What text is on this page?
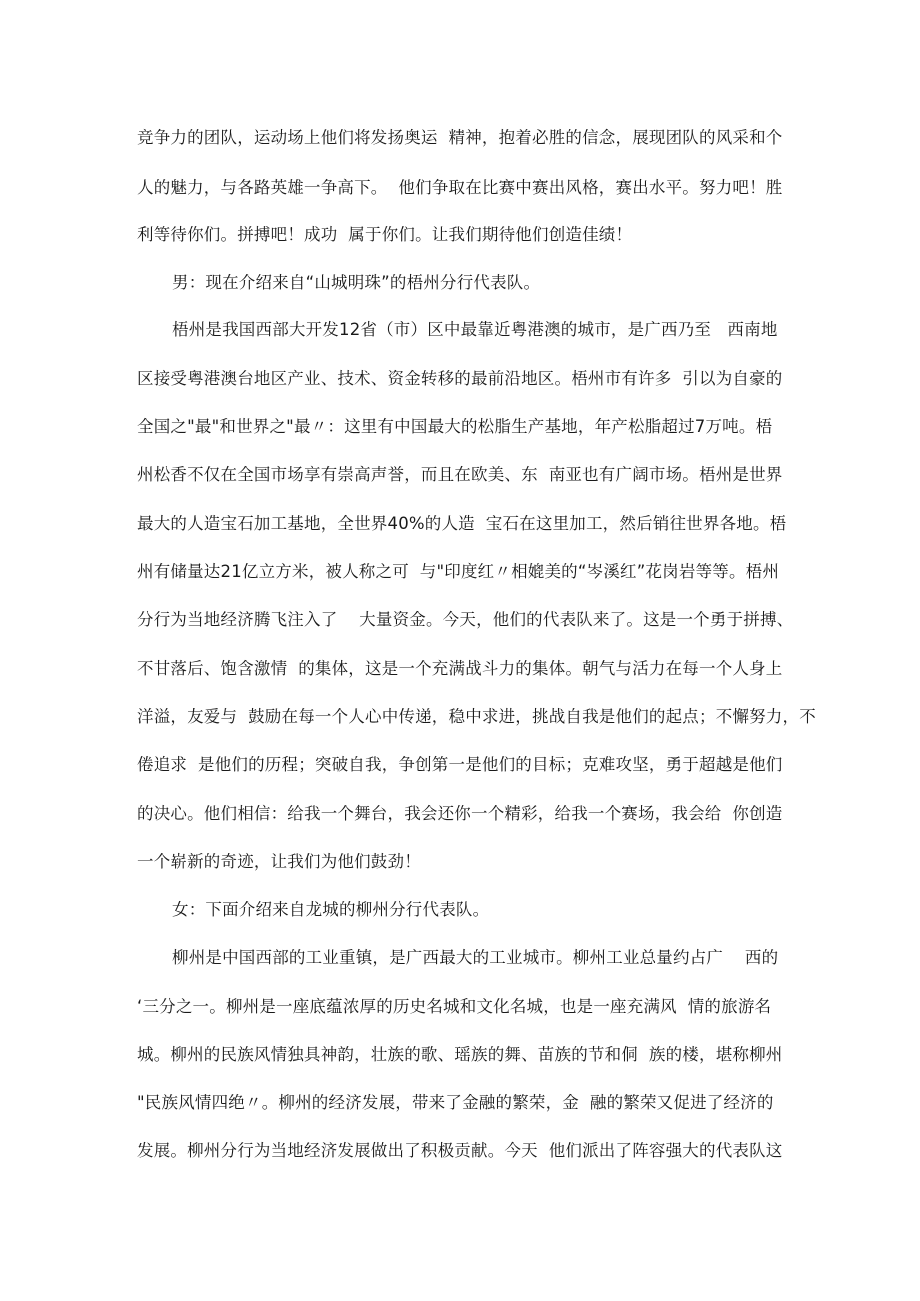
竞争力的团队，运动场上他们将发扬奥运  精神，抱着必胜的信念，展现团队的风采和个
人的魅力，与各路英雄一争高下。  他们争取在比赛中赛出风格，赛出水平。努力吧！胜
利等待你们。拼搏吧！成功  属于你们。让我们期待他们创造佳绩！
男：现在介绍来自“山城明珠”的梧州分行代表队。
梧州是我国西部大开发12省（市）区中最靠近粤港澳的城市，是广西乃至   西南地
区接受粤港澳台地区产业、技术、资金转移的最前沿地区。梧州市有许多  引以为自豪的
全国之"最"和世界之"最〃：这里有中国最大的松脂生产基地，年产松脂超过7万吨。梧
州松香不仅在全国市场享有崇高声誉，而且在欧美、东  南亚也有广阔市场。梧州是世界
最大的人造宝石加工基地，全世界40%的人造  宝石在这里加工，然后销往世界各地。梧
州有储量达21亿立方米，被人称之可  与"印度红〃相媲美的“岑溪红”花岗岩等等。梧州
分行为当地经济腾飞注入了    大量资金。今天，他们的代表队来了。这是一个勇于拼搏、
不甘落后、饱含激情  的集体，这是一个充满战斗力的集体。朝气与活力在每一个人身上
洋溢，友爱与  鼓励在每一个人心中传递，稳中求进，挑战自我是他们的起点；不懈努力，不
倦追求  是他们的历程；突破自我，争创第一是他们的目标；克难攻坚，勇于超越是他们
的决心。他们相信：给我一个舞台，我会还你一个精彩，给我一个赛场，我会给  你创造
一个崭新的奇迹，让我们为他们鼓劲！
女：下面介绍来自龙城的柳州分行代表队。
柳州是中国西部的工业重镇，是广西最大的工业城市。柳州工业总量约占广    西的
‘三分之一。柳州是一座底蕴浓厚的历史名城和文化名城，也是一座充满风  情的旅游名
城。柳州的民族风情独具神韵，壮族的歌、瑶族的舞、苗族的节和侗  族的楼，堪称柳州
"民族风情四绝〃。柳州的经济发展，带来了金融的繁荣，金  融的繁荣又促进了经济的
发展。柳州分行为当地经济发展做出了积极贡献。今天  他们派出了阵容强大的代表队这
